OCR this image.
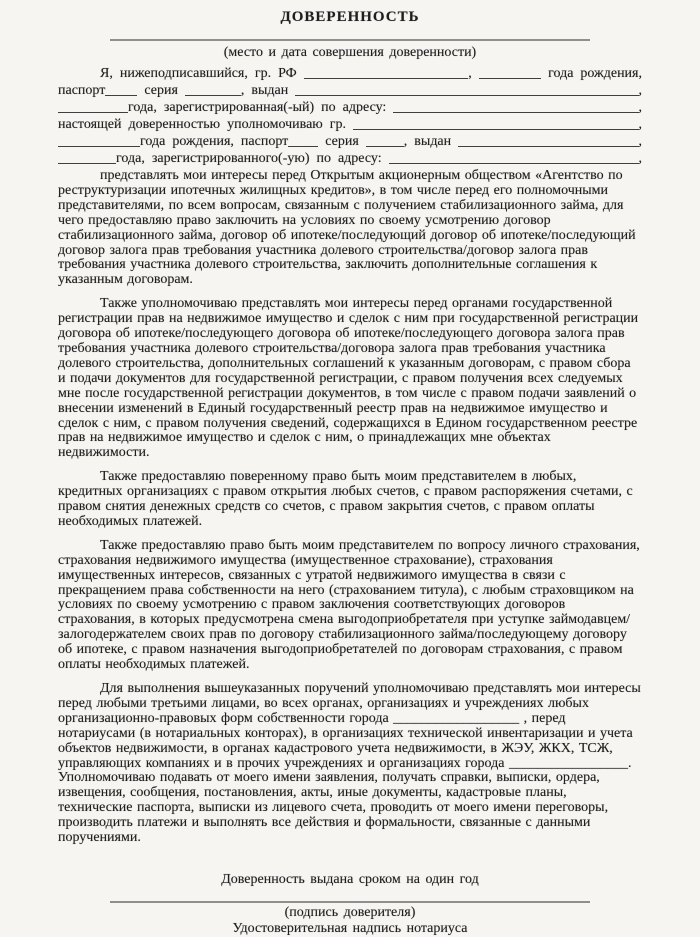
ДОВЕРЕННОСТЬ
(место и дата совершения доверенности)
Я, нижеподписавшийся, гр. РФ	,	года рождения,
паспорт серия	, выдан	,
года, зарегистрированная(-ый) по адресу:	,
настоящей доверенностью уполномочиваю гр.	,
года рождения, паспорт серия	, выдан	,
года, зарегистрированного(-ую) по адресу:	,

представлять мои интересы перед Открытым акционерным обществом «Агентство по реструктуризации ипотечных жилищных кредитов», в том числе перед его полномочными представителями, по всем вопросам, связанным с получением стабилизационного займа, для чего предоставляю право заключить на условиях по своему усмотрению договор стабилизационного займа, договор об ипотеке/последующий договор об ипотеке/последующий договор залога прав требования участника долевого строительства/договор залога прав требования участника долевого строительства, заключить дополнительные соглашения к указанным договорам.

Также уполномочиваю представлять мои интересы перед органами государственной регистрации прав на недвижимое имущество и сделок с ним при государственной регистрации договора об ипотеке/последующего договора об ипотеке/последующего договора залога прав требования участника долевого строительства/договора залога прав требования участника долевого строительства, дополнительных соглашений к указанным договорам, с правом сбора и подачи документов для государственной регистрации, с правом получения всех следуемых мне после государственной регистрации документов, в том числе с правом подачи заявлений о внесении изменений в Единый государственный реестр прав на недвижимое имущество и сделок с ним, с правом получения сведений, содержащихся в Едином государственном реестре прав на недвижимое имущество и сделок с ним, о принадлежащих мне объектах недвижимости.

Также предоставляю поверенному право быть моим представителем в любых, кредитных организациях с правом открытия любых счетов, с правом распоряжения счетами, с правом снятия денежных средств со счетов, с правом закрытия счетов, с правом оплаты необходимых платежей.

Также предоставляю право быть моим представителем по вопросу личного страхования, страхования недвижимого имущества (имущественное страхование), страхования имущественных интересов, связанных с утратой недвижимого имущества в связи с прекращением права собственности на него (страхованием титула), с любым страховщиком на условиях по своему усмотрению с правом заключения соответствующих договоров страхования, в которых предусмотрена смена выгодоприобретателя при уступке займодавцем/залогодержателем своих прав по договору стабилизационного займа/последующему договору об ипотеке, с правом назначения выгодоприобретателей по договорам страхования, с правом оплаты необходимых платежей.

Для выполнения вышеуказанных поручений уполномочиваю представлять мои интересы перед любыми третьими лицами, во всех органах, организациях и учреждениях любых организационно-правовых форм собственности города __________________ , перед нотариусами (в нотариальных конторах), в организациях технической инвентаризации и учета объектов недвижимости, в органах кадастрового учета недвижимости, в ЖЭУ, ЖКХ, ТСЖ, управляющих компаниях и в прочих учреждениях и организациях города _________________. Уполномочиваю подавать от моего имени заявления, получать справки, выписки, ордера, извещения, сообщения, постановления, акты, иные документы, кадастровые планы, технические паспорта, выписки из лицевого счета, проводить от моего имени переговоры, производить платежи и выполнять все действия и формальности, связанные с данными поручениями.

Доверенность выдана сроком на один год
(подпись доверителя)
Удостоверительная надпись нотариуса
